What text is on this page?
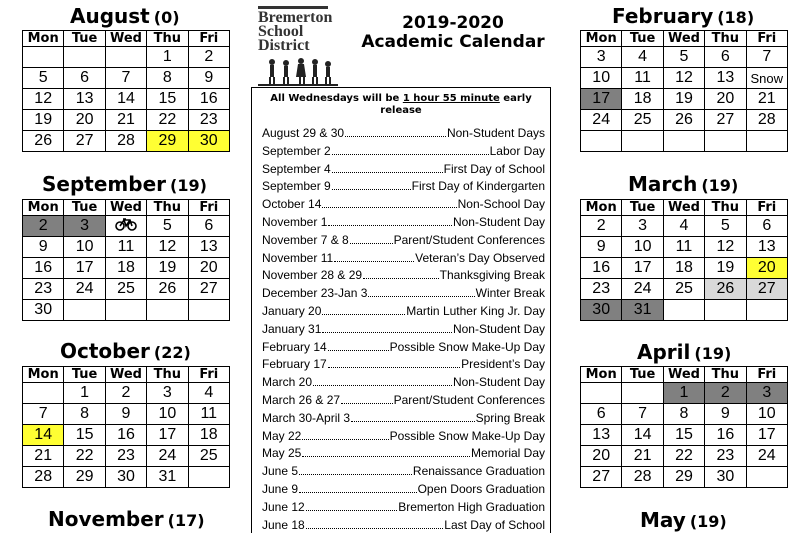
August (0)
September (19)
October (22)
November (17)
February (18)
March (19)
April (19)
May (19)
Mon	Tue	Wed	Thu	Fri
			1	2
5	6	7	8	9
12	13	14	15	16
19	20	21	22	23
26	27	28	29	30
Mon	Tue	Wed	Thu	Fri
2	3		5	6
9	10	11	12	13
16	17	18	19	20
23	24	25	26	27
30				
Mon	Tue	Wed	Thu	Fri
	1	2	3	4
7	8	9	10	11
14	15	16	17	18
21	22	23	24	25
28	29	30	31	
Mon	Tue	Wed	Thu	Fri
3	4	5	6	7
10	11	12	13	Snow
17	18	19	20	21
24	25	26	27	28

Mon	Tue	Wed	Thu	Fri
2	3	4	5	6
9	10	11	12	13
16	17	18	19	20
23	24	25	26	27
30	31			
Mon	Tue	Wed	Thu	Fri
		1	2	3
6	7	8	9	10
13	14	15	16	17
20	21	22	23	24
27	28	29	30	
Bremerton
School
District
2019-2020
Academic Calendar
All Wednesdays will be 1 hour 55 minute early release
August 29 & 30	Non-Student Days
September 2	Labor Day
September 4	First Day of School
September 9	First Day of Kindergarten
October 14	Non-School Day
November 1	Non-Student Day
November 7 & 8	Parent/Student Conferences
November 11	Veteran’s Day Observed
November 28 & 29	Thanksgiving Break
December 23-Jan 3	Winter Break
January 20	Martin Luther King Jr. Day
January 31	Non-Student Day
February 14	Possible Snow Make-Up Day
February 17	President’s Day
March 20	Non-Student Day
March 26 & 27	Parent/Student Conferences
March 30-April 3	Spring Break
May 22	Possible Snow Make-Up Day
May 25	Memorial Day
June 5	Renaissance Graduation
June 9	Open Doors Graduation
June 12	Bremerton High Graduation
June 18	Last Day of School
